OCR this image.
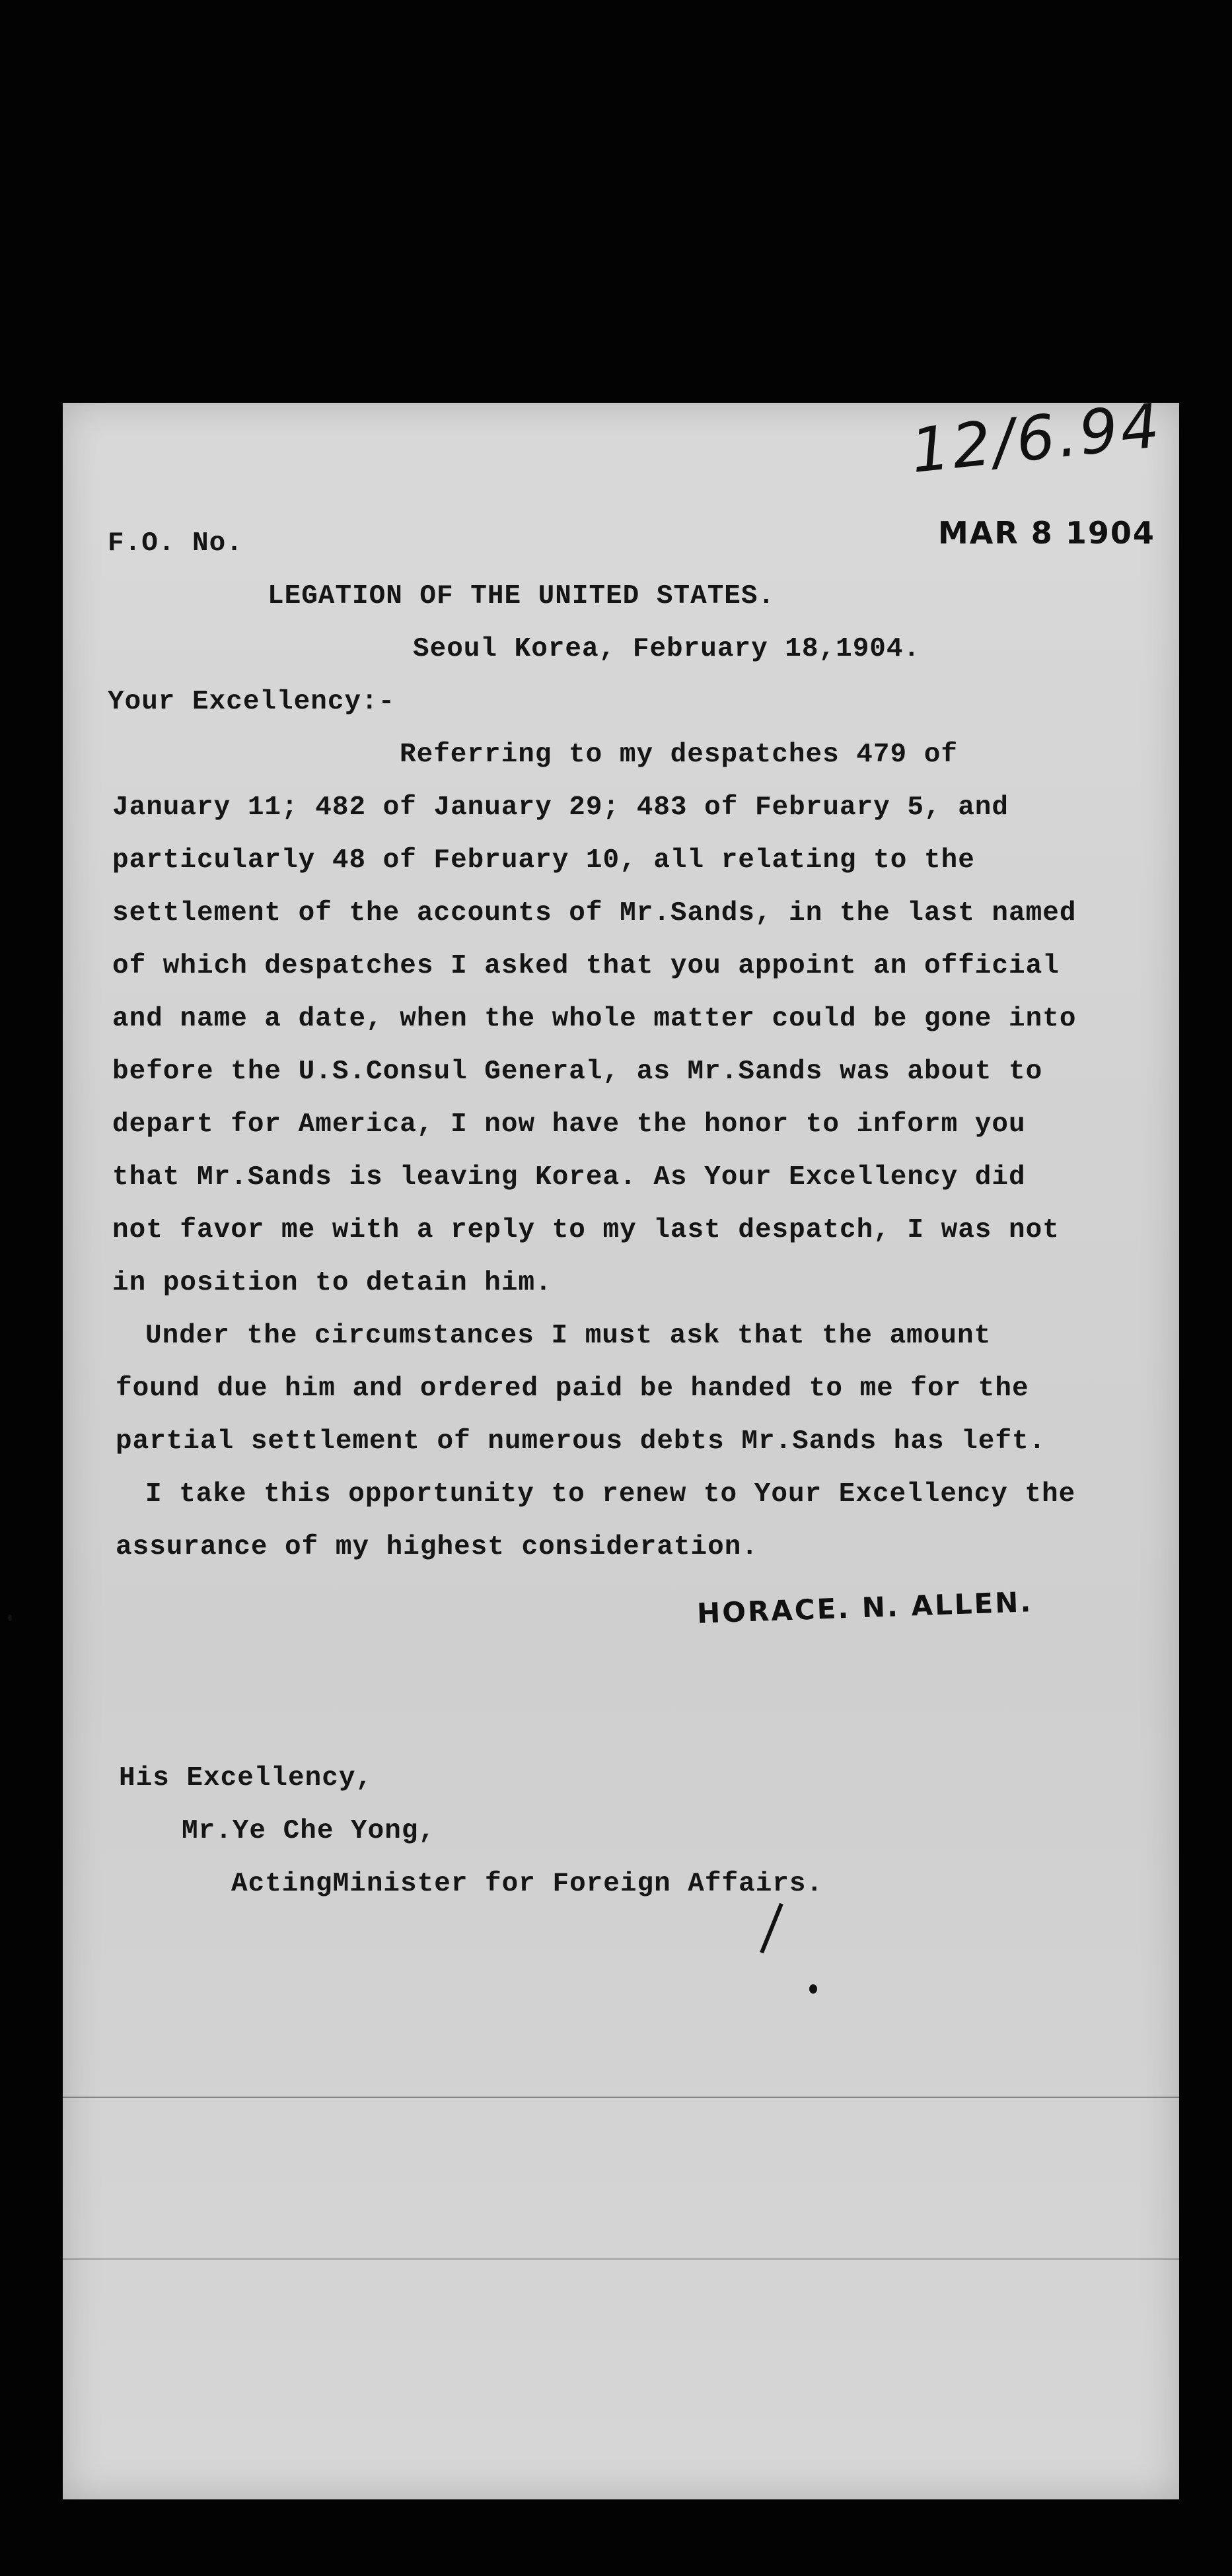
12/6.94
F.O. No.	MAR 8 1904
LEGATION OF THE UNITED STATES.
Seoul Korea, February 18,1904.
Your Excellency:-
Referring to my despatches 479 of
January 11; 482 of January 29; 483 of February 5, and
particularly 48 of February 10, all relating to the
settlement of the accounts of Mr.Sands, in the last named
of which despatches I asked that you appoint an official
and name a date, when the whole matter could be gone into
before the U.S.Consul General, as Mr.Sands was about to
depart for America, I now have the honor to inform you
that Mr.Sands is leaving Korea. As Your Excellency did
not favor me with a reply to my last despatch, I was not
in position to detain him.
Under the circumstances I must ask that the amount
found due him and ordered paid be handed to me for the
partial settlement of numerous debts Mr.Sands has left.
I take this opportunity to renew to Your Excellency the
assurance of my highest consideration.
HORACE. N. ALLEN.
His Excellency,
Mr.Ye Che Yong,
ActingMinister for Foreign Affairs.
